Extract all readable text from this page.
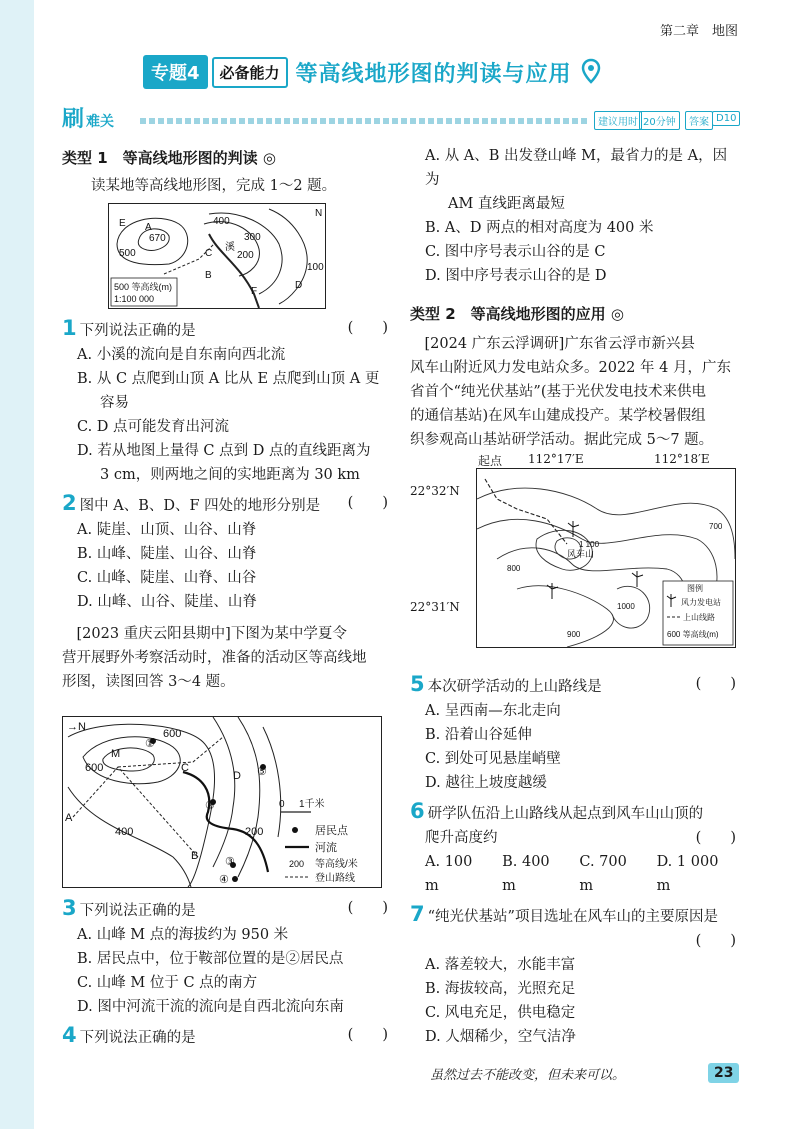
第二章　地图
专题4	必备能力 等高线地形图的判读与应用
刷难关	建议用时 20分钟	答案 D10
类型 1　等高线地形图的判读 ◎
读某地等高线地形图，完成 1～2 题。
E A
670
400
300
200
100
500	C
溪
B
D
F
N
500 等高线(m)
1:100 000
1 下列说法正确的是	(　　)
A. 小溪的流向是自东南向西北流
B. 从 C 点爬到山顶 A 比从 E 点爬到山顶 A 更
容易
C. D 点可能发育出河流
D. 若从地图上量得 C 点到 D 点的直线距离为
3 cm，则两地之间的实地距离为 30 km
2 图中 A、B、D、F 四处的地形分别是 (　　)
A. 陡崖、山顶、山谷、山脊
B. 山峰、陡崖、山谷、山脊
C. 山峰、陡崖、山脊、山谷
D. 山峰、山谷、陡崖、山脊
[2023 重庆云阳县期中]下图为某中学夏令
营开展野外考察活动时，准备的活动区等高线地
形图，读图回答 3～4 题。
→N
M
600
600
400
A
B
C
D
200
1千米
0
①
②
③
④
⑤
居民点
河流
200 等高线/米
登山路线
3 下列说法正确的是	(　　)
A. 山峰 M 点的海拔约为 950 米
B. 居民点中，位于鞍部位置的是②居民点
C. 山峰 M 位于 C 点的南方
D. 图中河流干流的流向是自西北流向东南
4 下列说法正确的是	(　　)
A. 从 A、B 出发登山峰 M，最省力的是 A，因为
AM 直线距离最短
B. A、D 两点的相对高度为 400 米
C. 图中序号表示山谷的是 C
D. 图中序号表示山谷的是 D
类型 2　等高线地形图的应用 ◎
[2024 广东云浮调研]广东省云浮市新兴县
风车山附近风力发电站众多。2022 年 4 月，广东
省首个“纯光伏基站”(基于光伏发电技术来供电
的通信基站)在风车山建成投产。某学校暑假组
织参观高山基站研学活动。据此完成 5～7 题。
起点 112°17′E	112°18′E
22°32′N
22°31′N
风车山
1 100
800
900
700
1000
图例
风力发电站
上山线路
600 等高线(m)
5 本次研学活动的上山路线是	(　　)
A. 呈西南—东北走向
B. 沿着山谷延伸
C. 到处可见悬崖峭壁
D. 越往上坡度越缓
6 研学队伍沿上山路线从起点到风车山山顶的
爬升高度约	(　　)
A. 100 m
B. 400 m
C. 700 m
D. 1 000 m
7 “纯光伏基站”项目选址在风车山的主要原因是
(　　)
A. 落差较大，水能丰富
B. 海拔较高，光照充足
C. 风电充足，供电稳定
D. 人烟稀少，空气洁净
虽然过去不能改变，但未来可以。	23
